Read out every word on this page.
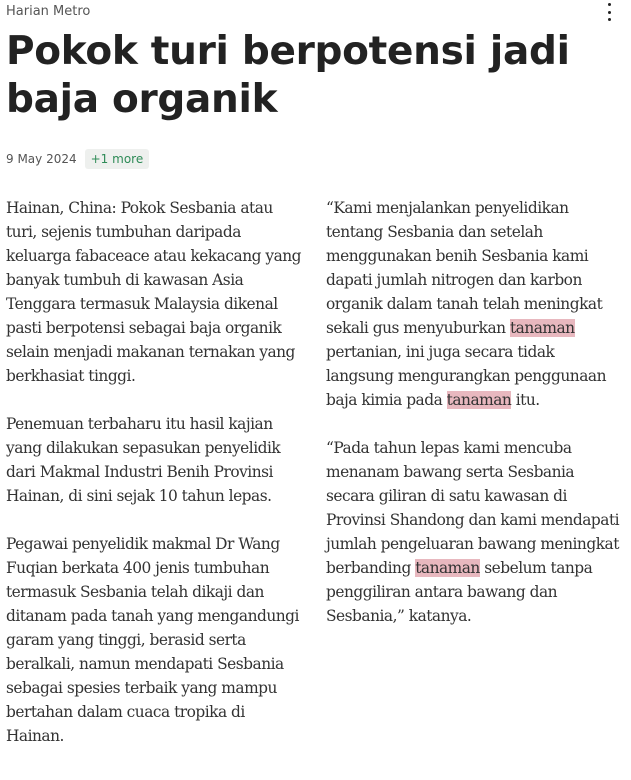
Harian Metro
Pokok turi berpotensi jadi baja organik
9 May 2024	+1 more

Hainan, China: Pokok Sesbania atau turi, sejenis tumbuhan daripada keluarga fabaceace atau kekacang yang banyak tumbuh di kawasan Asia Tenggara termasuk Malaysia dikenal pasti berpotensi sebagai baja organik selain menjadi makanan ternakan yang berkhasiat tinggi.

Penemuan terbaharu itu hasil kajian yang dilakukan sepasukan penyelidik dari Makmal Industri Benih Provinsi Hainan, di sini sejak 10 tahun lepas.

Pegawai penyelidik makmal Dr Wang Fuqian berkata 400 jenis tumbuhan termasuk Sesbania telah dikaji dan ditanam pada tanah yang mengandungi garam yang tinggi, berasid serta beralkali, namun mendapati Sesbania sebagai spesies terbaik yang mampu bertahan dalam cuaca tropika di Hainan.

“Kami menjalankan penyelidikan tentang Sesbania dan setelah menggunakan benih Sesbania kami dapati jumlah nitrogen dan karbon organik dalam tanah telah meningkat sekali gus menyuburkan tanaman pertanian, ini juga secara tidak langsung mengurangkan penggunaan baja kimia pada tanaman itu.

“Pada tahun lepas kami mencuba menanam bawang serta Sesbania secara giliran di satu kawasan di Provinsi Shandong dan kami mendapati jumlah pengeluaran bawang meningkat berbanding tanaman sebelum tanpa penggiliran antara bawang dan Sesbania,” katanya.
